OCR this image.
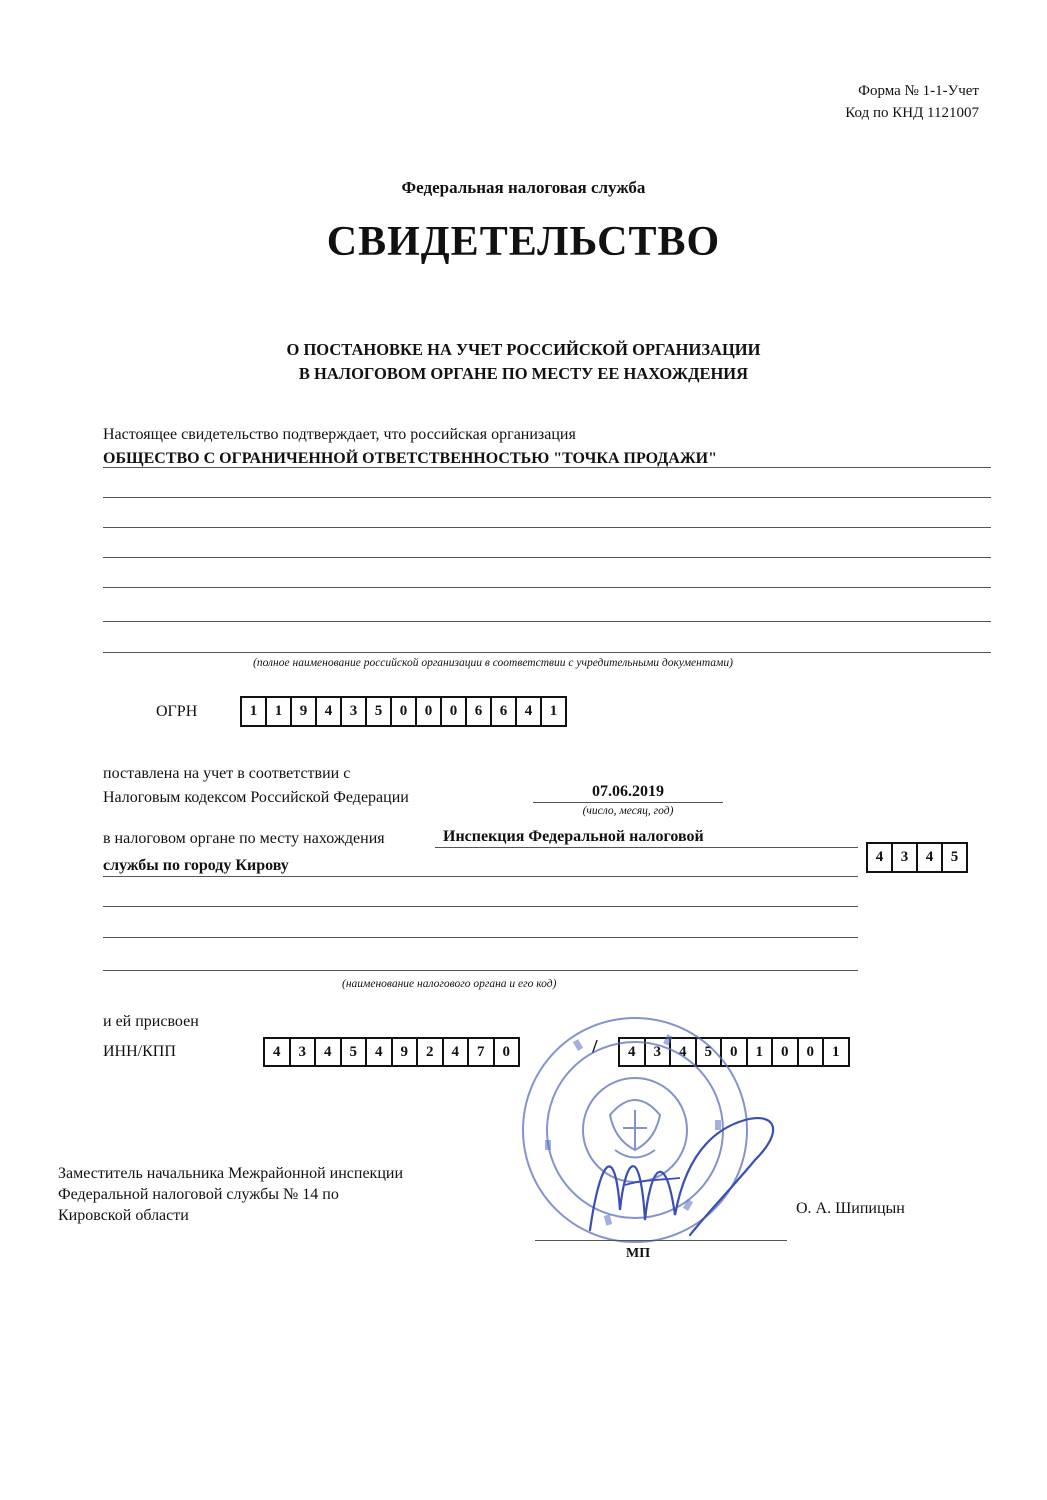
Форма № 1-1-Учет
Код по КНД 1121007
Федеральная налоговая служба
СВИДЕТЕЛЬСТВО
О ПОСТАНОВКЕ НА УЧЕТ РОССИЙСКОЙ ОРГАНИЗАЦИИ
В НАЛОГОВОМ ОРГАНЕ ПО МЕСТУ ЕЕ НАХОЖДЕНИЯ
Настоящее свидетельство подтверждает, что российская организация
ОБЩЕСТВО С ОГРАНИЧЕННОЙ ОТВЕТСТВЕННОСТЬЮ "ТОЧКА ПРОДАЖИ"
(полное наименование российской организации в соответствии с учредительными документами)
ОГРН	1	1	9	4	3	5	0	0	0	6	6	4	1
поставлена на учет в соответствии с
Налоговым кодексом Российской Федерации	07.06.2019
(число, месяц, год)
в налоговом органе по месту нахождения	Инспекция Федеральной налоговой
службы по городу Кирову
(наименование налогового органа и его код)
4	3	4	5
и ей присвоен
ИНН/КПП	4	3	4	5	4	9	2	4	7	0	/	4	3	4	5	0	1	0	0	1
Заместитель начальника Межрайонной инспекции
Федеральной налоговой службы № 14 по
Кировской области
МП
О. А. Шипицын
